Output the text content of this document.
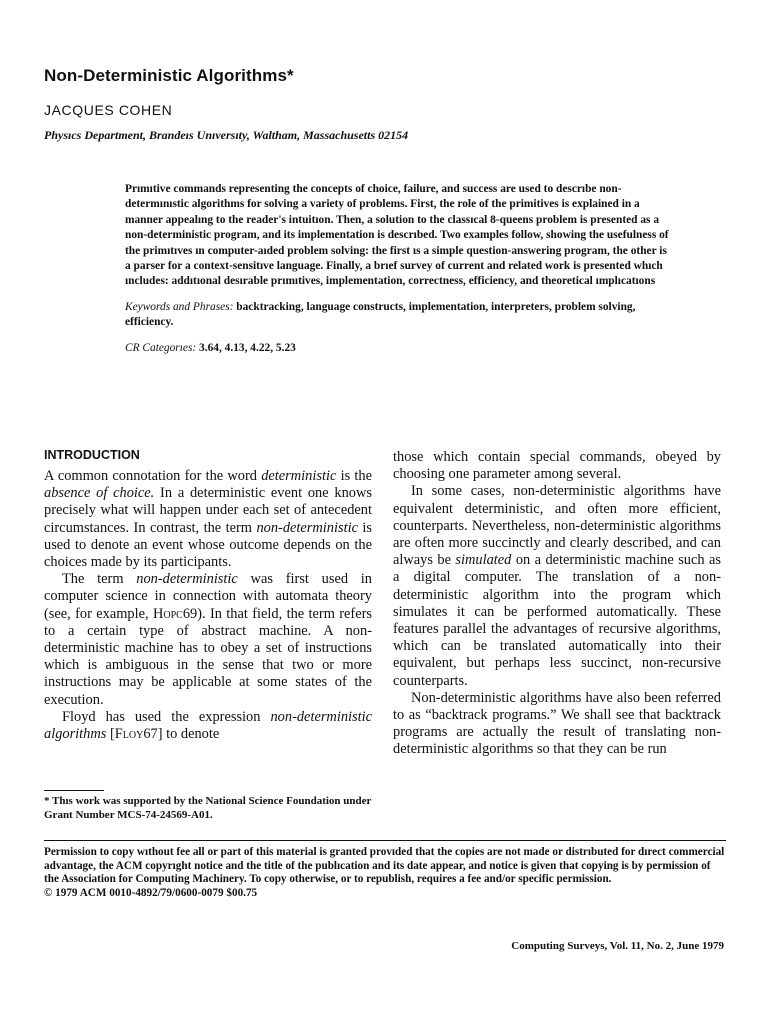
Non-Deterministic Algorithms*
JACQUES COHEN
Physıcs Department, Brandeıs Unıversıty, Waltham, Massachusetts 02154

Prımıtive commands representing the concepts of choice, failure, and success are used to descrıbe non-determınıstic algorithms for solving a variety of problems. First, the role of the primitives is explained in a manner appealıng to the reader's intuitıon. Then, a solution to the classıcal 8-queens problem is presented as a non-deterministic program, and its implementation is descrıbed. Two examples follow, showing the usefulness of the primıtıves ın computer-aıded problem solving: the first ıs a simple question-answering program, the other is a parser for a context-sensitıve language. Finally, a brıef survey of current and related work is presented whıch ıncludes: addıtıonal desırable prımıtives, implementation, correctness, efficiency, and theoretical ımplıcatıons

Keywords and Phrases: backtracking, language constructs, implementation, interpreters, problem solving, efficiency.

CR Categorıes: 3.64, 4.13, 4.22, 5.23

INTRODUCTION

A common connotation for the word deterministic is the absence of choice. In a deterministic event one knows precisely what will happen under each set of antecedent circumstances. In contrast, the term non-deterministic is used to denote an event whose outcome depends on the choices made by its participants.

The term non-deterministic was first used in computer science in connection with automata theory (see, for example, Hopc69). In that field, the term refers to a certain type of abstract machine. A non-deterministic machine has to obey a set of instructions which is ambiguous in the sense that two or more instructions may be applicable at some states of the execution.

Floyd has used the expression non-deterministic algorithms [Floy67] to denote

those which contain special commands, obeyed by choosing one parameter among several.

In some cases, non-deterministic algorithms have equivalent deterministic, and often more efficient, counterparts. Nevertheless, non-deterministic algorithms are often more succinctly and clearly described, and can always be simulated on a deterministic machine such as a digital computer. The translation of a non-deterministic algorithm into the program which simulates it can be performed automatically. These features parallel the advantages of recursive algorithms, which can be translated automatically into their equivalent, but perhaps less succinct, non-recursive counterparts.

Non-deterministic algorithms have also been referred to as “backtrack programs.” We shall see that backtrack programs are actually the result of translating non-deterministic algorithms so that they can be run

* Thıs work was supported by the National Science Foundation under Grant Number MCS-74-24569-A01.
Permission to copy wıthout fee all or part of this material is granted provıded that the copies are not made or distrıbuted for dırect commercial advantage, the ACM copyrıght notice and the title of the publıcation and its date appear, and notice is given that copying is by permission of the Association for Computing Machinery. To copy otherwise, or to republish, requires a fee and/or specific permission.
© 1979 ACM 0010-4892/79/0600-0079 $00.75
Computing Surveys, Vol. 11, No. 2, June 1979
